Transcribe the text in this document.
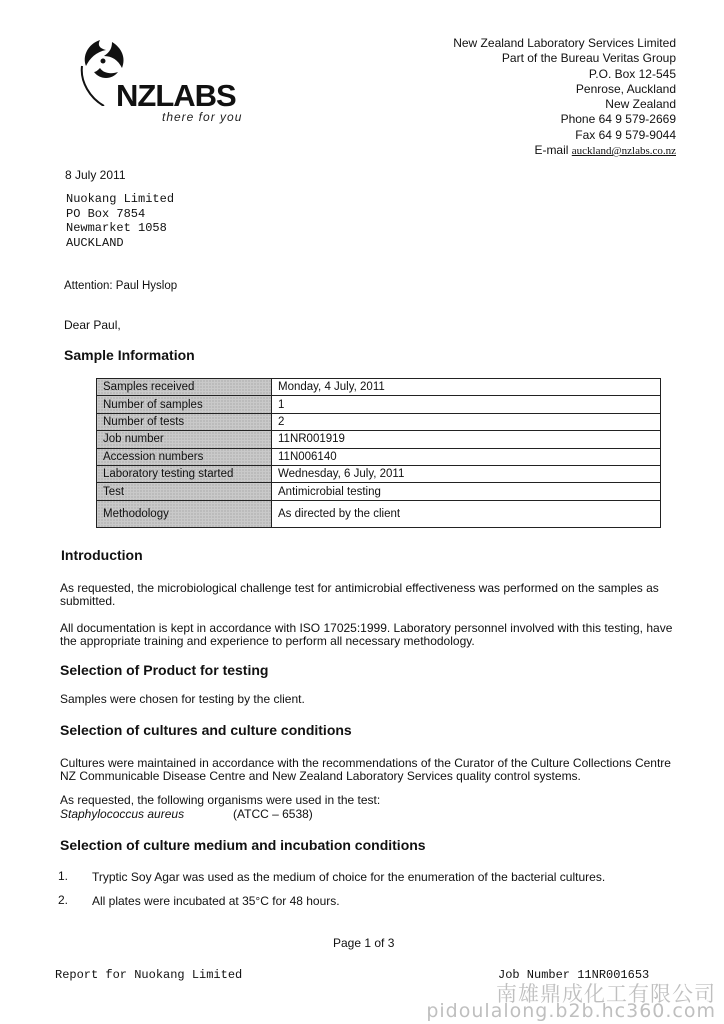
NZLABS
there for you
New Zealand Laboratory Services Limited
Part of the Bureau Veritas Group
P.O. Box 12-545
Penrose, Auckland
New Zealand
Phone 64 9 579-2669
Fax 64 9 579-9044
E-mail auckland@nzlabs.co.nz
8 July 2011
Nuokang Limited
PO Box 7854
Newmarket 1058
AUCKLAND
Attention: Paul Hyslop
Dear Paul,
Sample Information
Samples received	Monday, 4 July, 2011
Number of samples	1
Number of tests	2
Job number	11NR001919
Accession numbers	11N006140
Laboratory testing started	Wednesday, 6 July, 2011
Test	Antimicrobial testing
Methodology	As directed by the client
Introduction
As requested, the microbiological challenge test for antimicrobial effectiveness was performed on the samples as submitted.
All documentation is kept in accordance with ISO 17025:1999. Laboratory personnel involved with this testing, have the appropriate training and experience to perform all necessary methodology.
Selection of Product for testing
Samples were chosen for testing by the client.
Selection of cultures and culture conditions
Cultures were maintained in accordance with the recommendations of the Curator of the Culture Collections Centre NZ Communicable Disease Centre and New Zealand Laboratory Services quality control systems.
As requested, the following organisms were used in the test:
Staphylococcus aureus	(ATCC – 6538)
Selection of culture medium and incubation conditions
1. Tryptic Soy Agar was used as the medium of choice for the enumeration of the bacterial cultures.
2. All plates were incubated at 35°C for 48 hours.
Page 1 of 3
Report for Nuokang Limited	Job Number 11NR001653
南雄鼎成化工有限公司
pidoulalong.b2b.hc360.com
